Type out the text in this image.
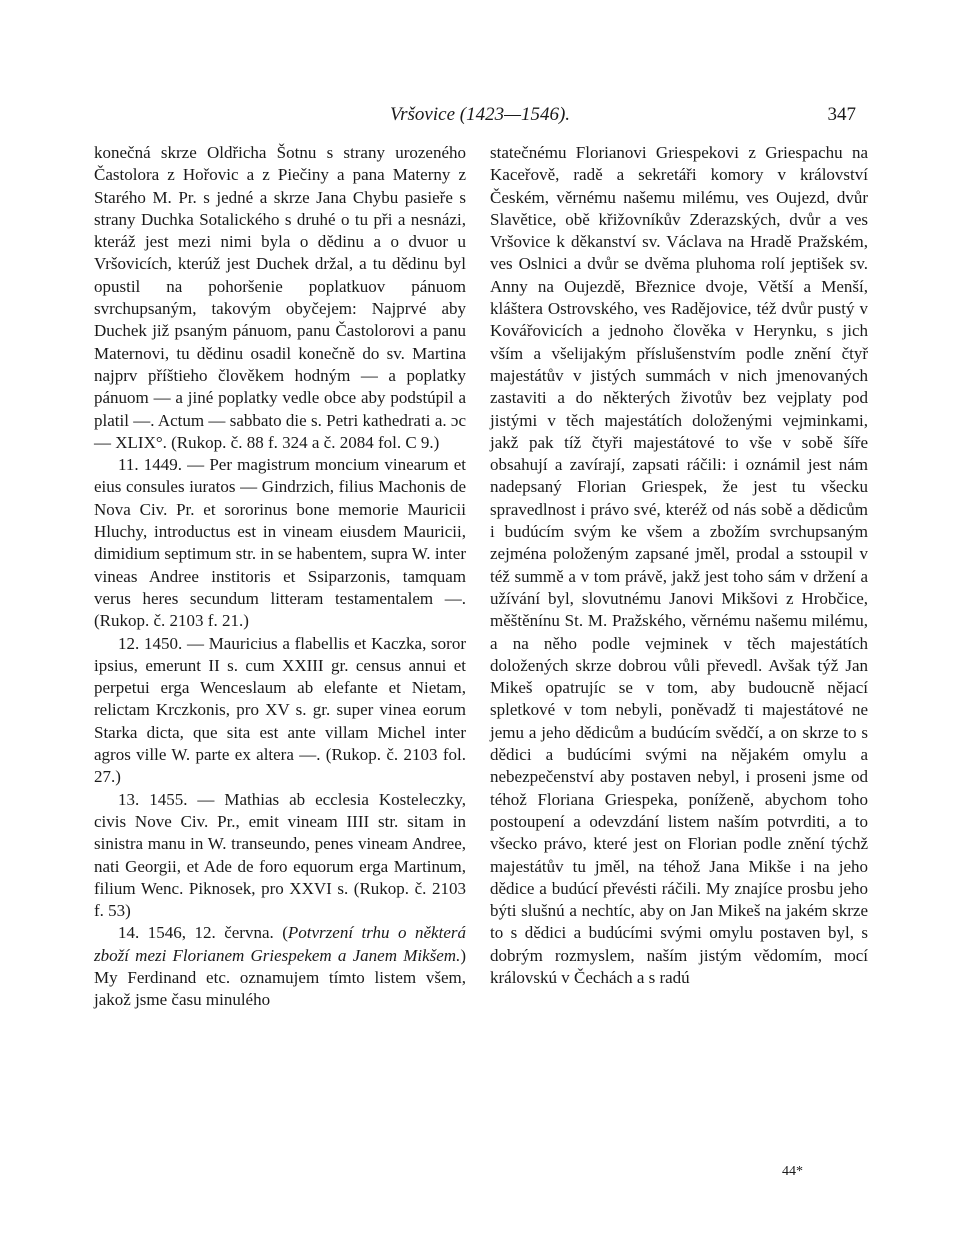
Vršovice (1423—1546).	347

konečná skrze Oldřicha Šotnu s strany urozeného Častolora z Hořovic a z Piečiny a pana Materny z Starého M. Pr. s jedné a skrze Jana Chybu pasieře s strany Duchka Sotalického s druhé o tu při a nesnázi, kteráž jest mezi nimi byla o dědinu a o dvuor u Vršovicích, kterúž jest Duchek držal, a tu dědinu byl opustil na pohoršenie poplatkuov pánuom svrchupsaným, takovým obyčejem: Najprvé aby Duchek již psaným pánuom, panu Častolorovi a panu Maternovi, tu dědinu osadil konečně do sv. Martina najprv příštieho člověkem hodným — a poplatky pánuom — a jiné poplatky vedle obce aby podstúpil a platil —. Actum — sabbato die s. Petri kathedrati a. ɔc — XLIX°. (Rukop. č. 88 f. 324 a č. 2084 fol. C 9.)

11. 1449. — Per magistrum moncium vinearum et eius consules iuratos — Gindrzich, filius Machonis de Nova Civ. Pr. et sororinus bone memorie Mauricii Hluchy, introductus est in vineam eiusdem Mauricii, dimidium septimum str. in se habentem, supra W. inter vineas Andree institoris et Ssiparzonis, tamquam verus heres secundum litteram testamentalem —. (Rukop. č. 2103 f. 21.)

12. 1450. — Mauricius a flabellis et Kaczka, soror ipsius, emerunt II s. cum XXIII gr. census annui et perpetui erga Wenceslaum ab elefante et Nietam, relictam Krczkonis, pro XV s. gr. super vinea eorum Starka dicta, que sita est ante villam Michel inter agros ville W. parte ex altera —. (Rukop. č. 2103 fol. 27.)

13. 1455. — Mathias ab ecclesia Kosteleczky, civis Nove Civ. Pr., emit vineam IIII str. sitam in sinistra manu in W. transeundo, penes vineam Andree, nati Georgii, et Ade de foro equorum erga Martinum, filium Wenc. Piknosek, pro XXVI s. (Rukop. č. 2103 f. 53)

14. 1546, 12. června. (Potvrzení trhu o některá zboží mezi Florianem Griespekem a Janem Mikšem.) My Ferdinand etc. oznamujem tímto listem všem, jakož jsme času minulého

statečnému Florianovi Griespekovi z Griespachu na Kaceřově, radě a sekretáři komory v království Českém, věrnému našemu milému, ves Oujezd, dvůr Slavětice, obě křižovníkův Zderazských, dvůr a ves Vršovice k děkanství sv. Václava na Hradě Pražském, ves Oslnici a dvůr se dvěma pluhoma rolí jeptišek sv. Anny na Oujezdě, Březnice dvoje, Větší a Menší, kláštera Ostrovského, ves Radějovice, též dvůr pustý v Kovářovicích a jednoho člověka v Herynku, s jich vším a všelijakým příslušenstvím podle znění čtyř majestátův v jistých summách v nich jmenovaných zastaviti a do některých životův bez vejplaty pod jistými v těch majestátích doloženými vejminkami, jakž pak tíž čtyři majestátové to vše v sobě šíře obsahují a zavírají, zapsati ráčili: i oznámil jest nám nadepsaný Florian Griespek, že jest tu všecku spravedlnost i právo své, kteréž od nás sobě a dědicům i budúcím svým ke všem a zbožím svrchupsaným zejména položeným zapsané jměl, prodal a sstoupil v též summě a v tom právě, jakž jest toho sám v držení a užívání byl, slovutnému Janovi Mikšovi z Hrobčice, měštěnínu St. M. Pražského, věrnému našemu milému, a na něho podle vejminek v těch majestátích doložených skrze dobrou vůli převedl. Avšak týž Jan Mikeš opatrujíc se v tom, aby budoucně nějací spletkové v tom nebyli, poněvadž ti majestátové ne jemu a jeho dědicům a budúcím svědčí, a on skrze to s dědici a budúcími svými na nějakém omylu a nebezpečenství aby postaven nebyl, i proseni jsme od téhož Floriana Griespeka, poníženě, abychom toho postoupení a odevzdání listem naším potvrditi, a to všecko právo, které jest on Florian podle znění týchž majestátův tu jměl, na téhož Jana Mikše i na jeho dědice a budúcí převésti ráčili. My znajíce prosbu jeho býti slušnú a nechtíc, aby on Jan Mikeš na jakém skrze to s dědici a budúcími svými omylu postaven byl, s dobrým rozmyslem, naším jistým vědomím, mocí královskú v Čechách a s radú

44*
